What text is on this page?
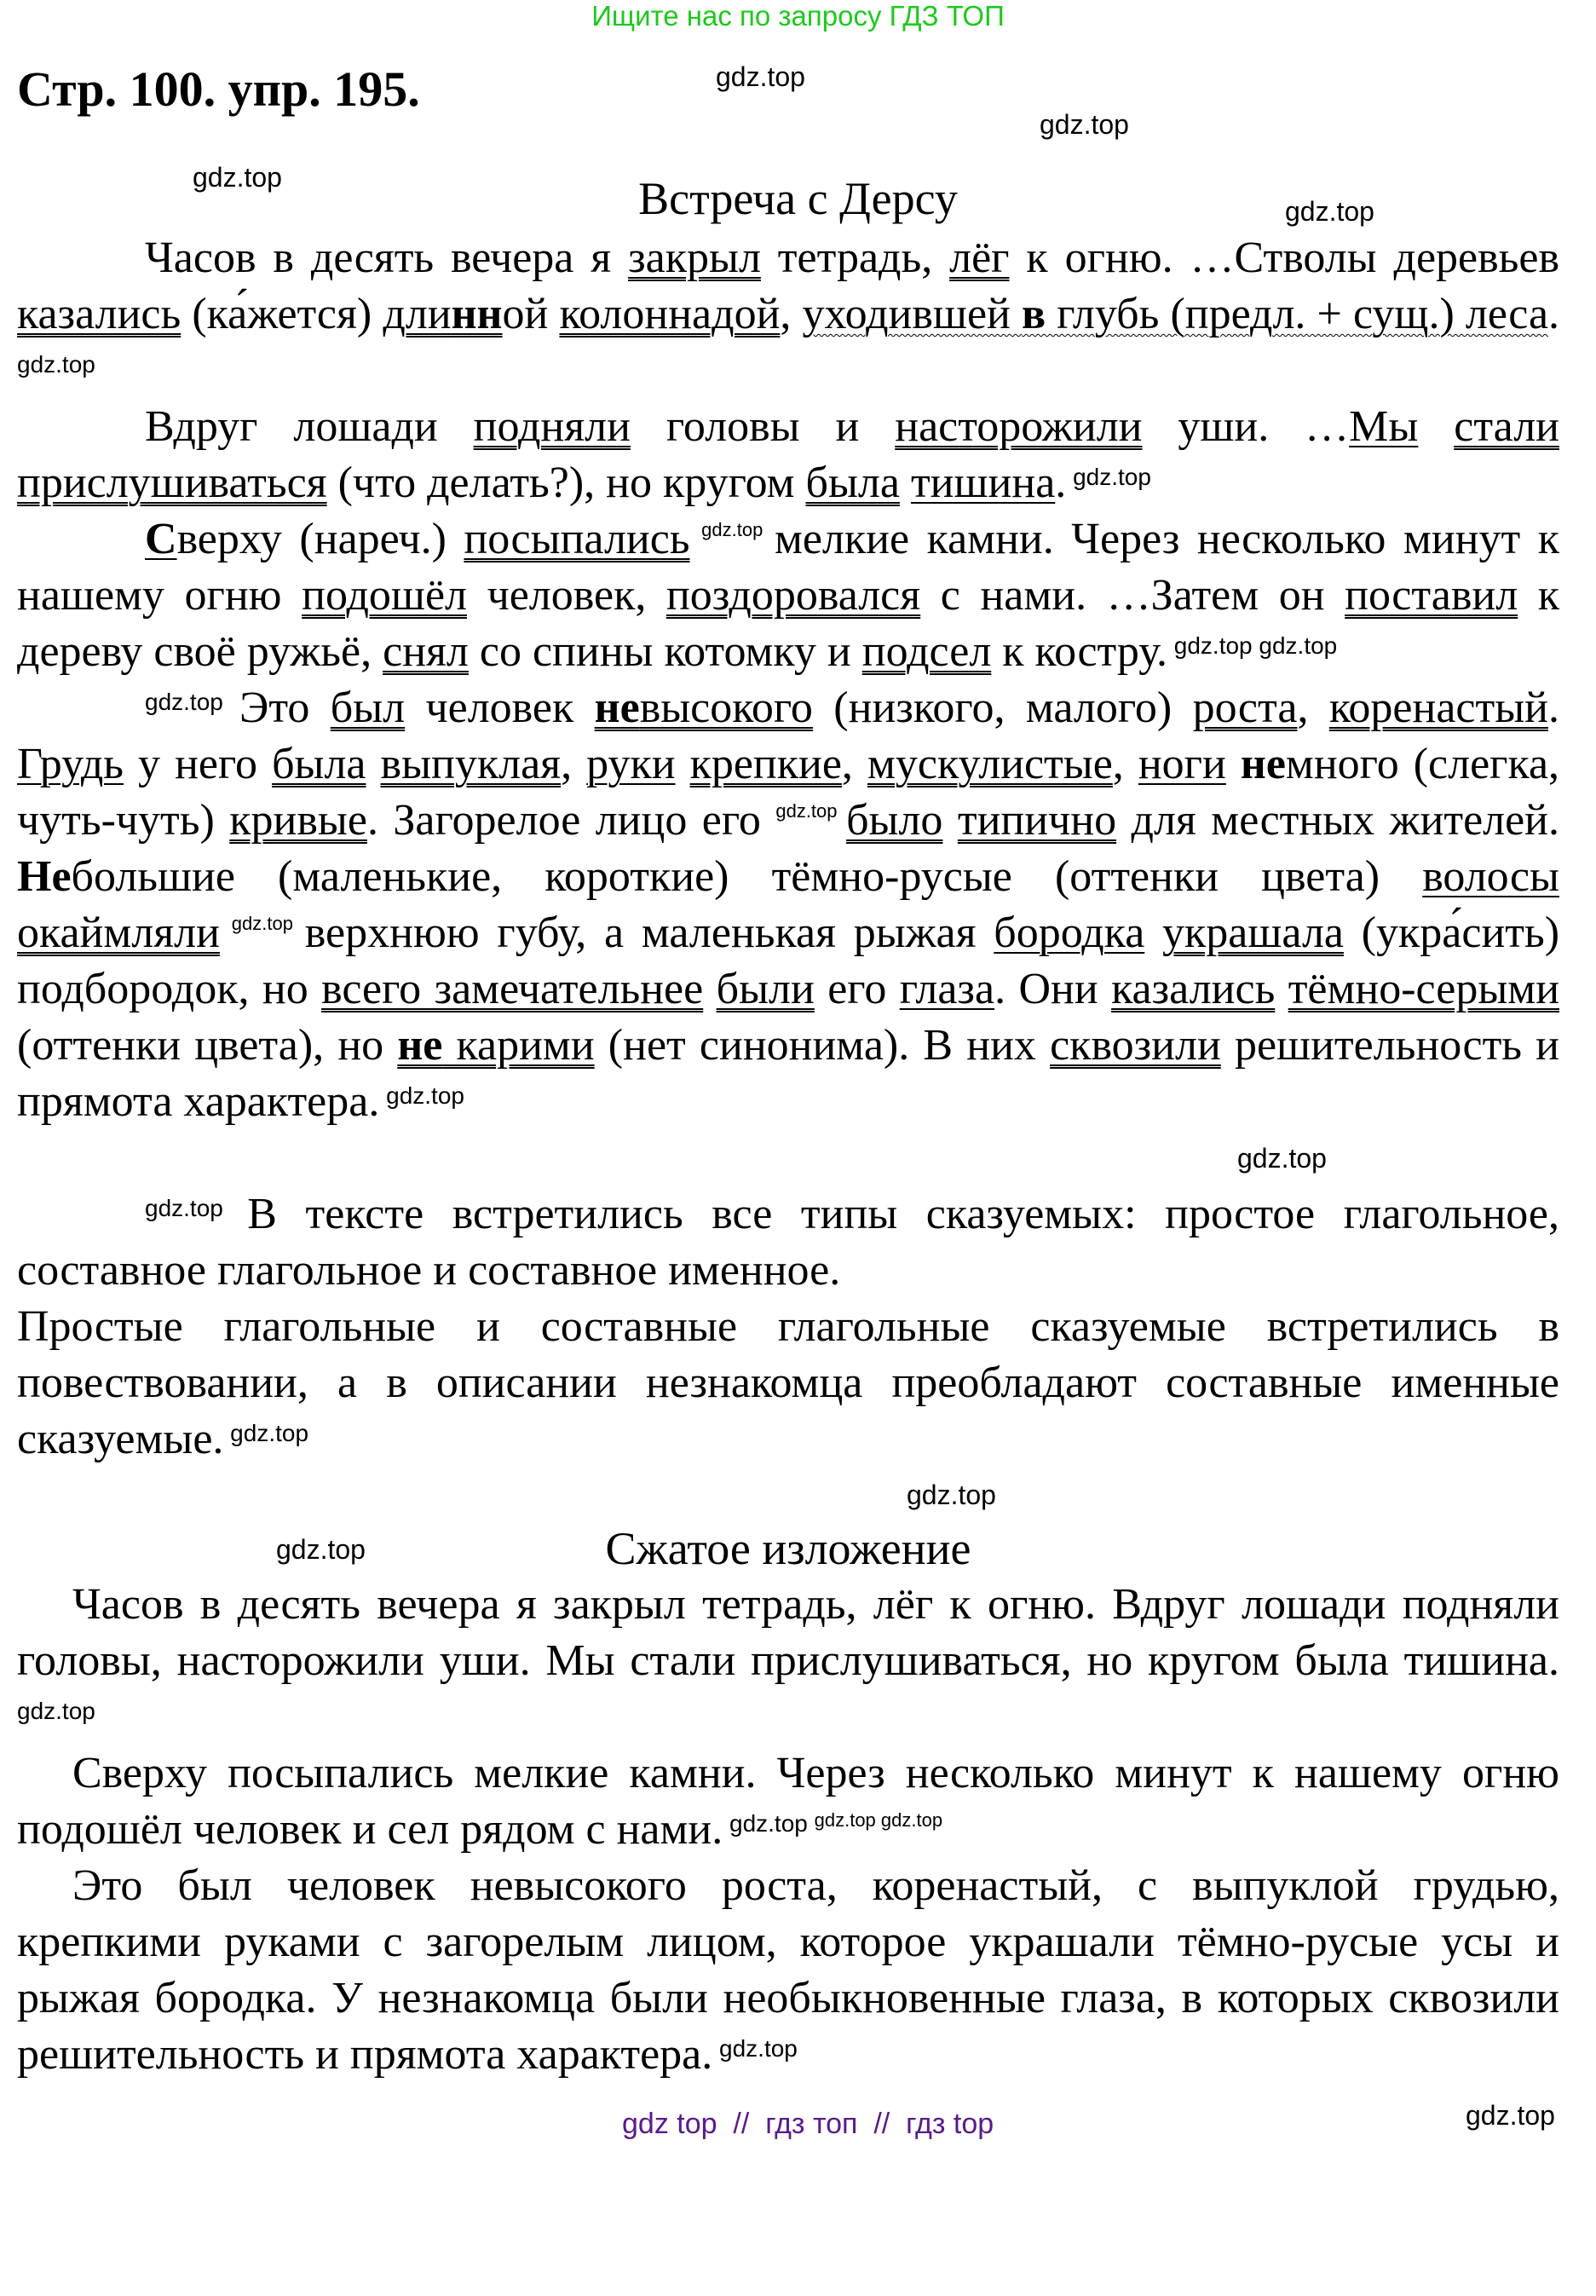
Ищите нас по запросу ГДЗ ТОП
Стр. 100. упр. 195.	gdz.top
gdz.top
gdz.top	Встреча с Дерсу	gdz.top
Часов в десять вечера я закрыл тетрадь, лёг к огню. …Стволы деревьев казались (ка́жется) длинной колоннадой, уходившей в глубь (предл. + сущ.) леса. $^{gdz.top}$
Вдруг лошади подняли головы и насторожили уши. …Мы стали прислушиваться (что делать?), но кругом была тишина. $^{gdz.top}$
Сверху (нареч.) посыпались $^{gdz.top}$ мелкие камни. Через несколько минут к нашему огню подошёл человек, поздоровался с нами. …Затем он поставил к дереву своё ружьё, снял со спины котомку и подсел к костру. $^{gdz.top}$ $^{gdz.top}$
$^{gdz.top}$ Это был человек невысокого (низкого, малого) роста, коренастый. Грудь у него была выпуклая, руки крепкие, мускулистые, ноги немного (слегка, чуть-чуть) кривые. Загорелое лицо его $^{gdz.top}$ было типично для местных жителей. Небольшие (маленькие, короткие) тёмно-русые (оттенки цвета) волосы окаймляли $^{gdz.top}$ верхнюю губу, а маленькая рыжая бородка украшала (укра́сить) подбородок, но всего замечательнее были его глаза. Они казались тёмно-серыми (оттенки цвета), но не карими (нет синонима). В них сквозили решительность и прямота характера. $^{gdz.top}$
gdz.top
$^{gdz.top}$ В тексте встретились все типы сказуемых: простое глагольное, составное глагольное и составное именное.
Простые глагольные и составные глагольные сказуемые встретились в повествовании, а в описании незнакомца преобладают составные именные сказуемые. $^{gdz.top}$
gdz.top
Сжатое изложение
gdz.top
Часов в десять вечера я закрыл тетрадь, лёг к огню. Вдруг лошади подняли головы, насторожили уши. Мы стали прислушиваться, но кругом была тишина. $^{gdz.top}$
Сверху посыпались мелкие камни. Через несколько минут к нашему огню подошёл человек и сел рядом с нами. $^{gdz.top}$ $^{gdz.top}$ $^{gdz.top}$
Это был человек невысокого роста, коренастый, с выпуклой грудью, крепкими руками с загорелым лицом, которое украшали тёмно-русые усы и рыжая бородка. У незнакомца были необыкновенные глаза, в которых сквозили решительность и прямота характера. $^{gdz.top}$
gdz top  //  гдз топ  //  гдз top	gdz.top
